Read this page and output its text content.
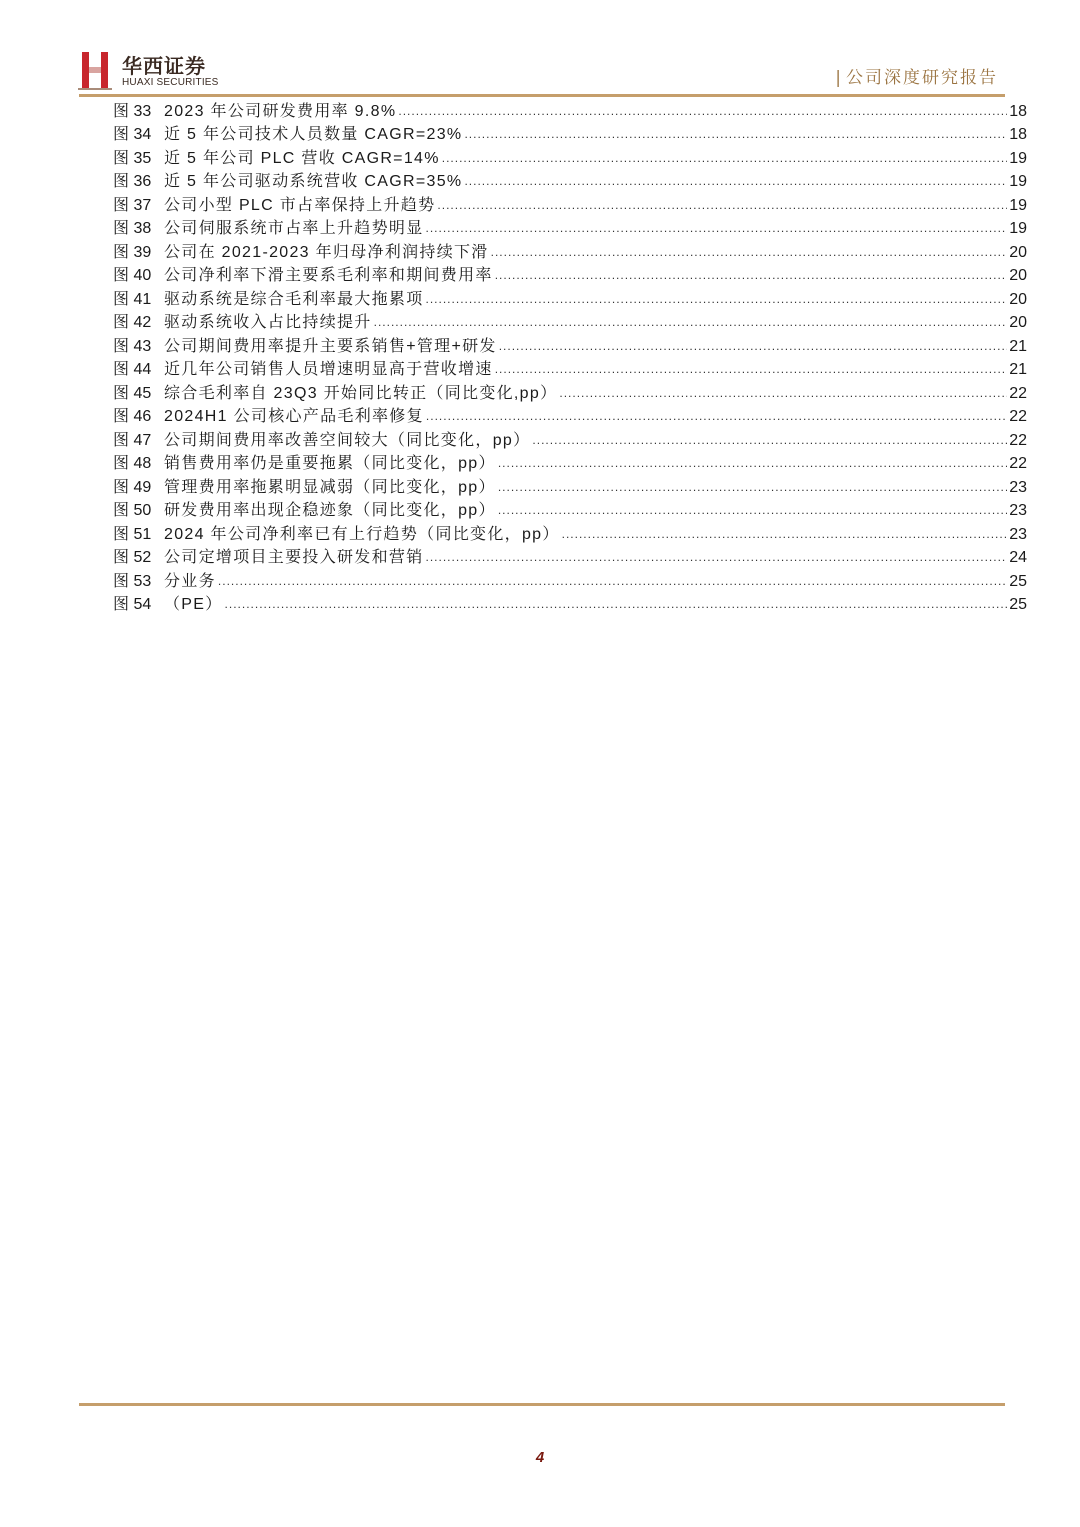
华西证券
HUAXI SECURITIES	| 公司深度研究报告
图 33 2023 年公司研发费用率 9.8% .....	18
图 34 近 5 年公司技术人员数量 CAGR=23% .....	18
图 35 近 5 年公司 PLC 营收 CAGR=14% .....	19
图 36 近 5 年公司驱动系统营收 CAGR=35% .....	19
图 37 公司小型 PLC 市占率保持上升趋势 .....	19
图 38 公司伺服系统市占率上升趋势明显 .....	19
图 39 公司在 2021-2023 年归母净利润持续下滑 .....	20
图 40 公司净利率下滑主要系毛利率和期间费用率 .....	20
图 41 驱动系统是综合毛利率最大拖累项 .....	20
图 42 驱动系统收入占比持续提升 .....	20
图 43 公司期间费用率提升主要系销售+管理+研发 .....	21
图 44 近几年公司销售人员增速明显高于营收增速 .....	21
图 45 综合毛利率自 23Q3 开始同比转正（同比变化,pp） .....	22
图 46 2024H1 公司核心产品毛利率修复 .....	22
图 47 公司期间费用率改善空间较大（同比变化，pp） .....	22
图 48 销售费用率仍是重要拖累（同比变化，pp） .....	22
图 49 管理费用率拖累明显减弱（同比变化，pp） .....	23
图 50 研发费用率出现企稳迹象（同比变化，pp） .....	23
图 51 2024 年公司净利率已有上行趋势（同比变化，pp） .....	23
图 52 公司定增项目主要投入研发和营销 .....	24
图 53 分业务 .....	25
图 54 （PE） .....	25
4
